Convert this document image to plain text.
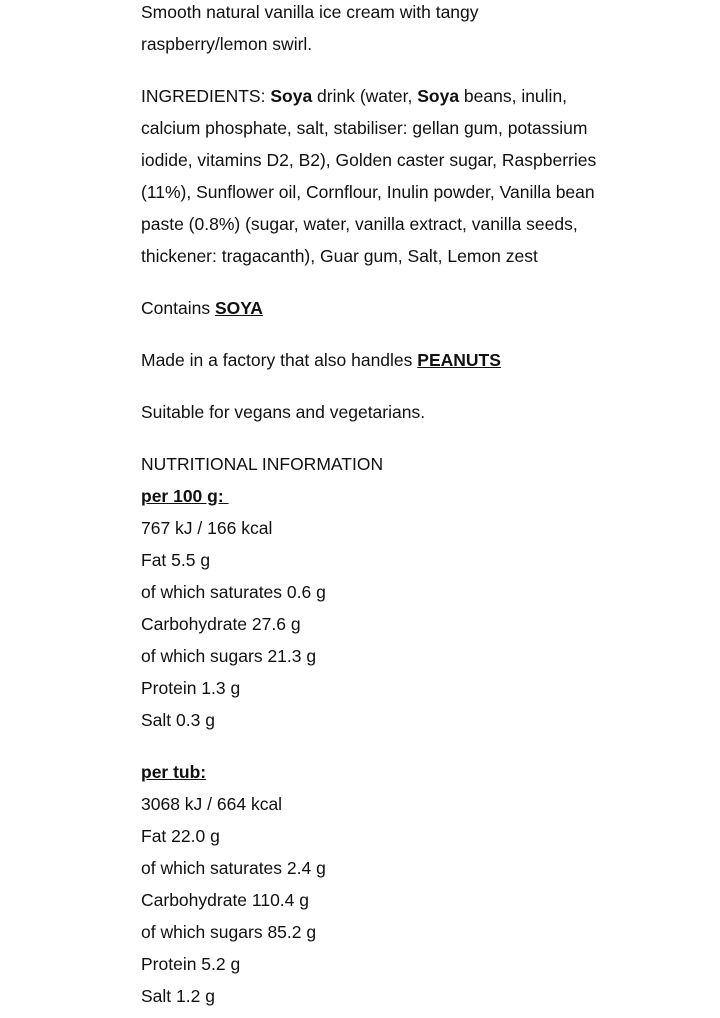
Smooth natural vanilla ice cream with tangy
raspberry/lemon swirl.
INGREDIENTS: Soya drink (water, Soya beans, inulin,
calcium phosphate, salt, stabiliser: gellan gum, potassium
iodide, vitamins D2, B2), Golden caster sugar, Raspberries
(11%), Sunflower oil, Cornflour, Inulin powder, Vanilla bean
paste (0.8%) (sugar, water, vanilla extract, vanilla seeds,
thickener: tragacanth), Guar gum, Salt, Lemon zest
Contains SOYA
Made in a factory that also handles PEANUTS
Suitable for vegans and vegetarians.
NUTRITIONAL INFORMATION
per 100 g:
767 kJ / 166 kcal
Fat 5.5 g
of which saturates 0.6 g
Carbohydrate 27.6 g
of which sugars 21.3 g
Protein 1.3 g
Salt 0.3 g
per tub:
3068 kJ / 664 kcal
Fat 22.0 g
of which saturates 2.4 g
Carbohydrate 110.4 g
of which sugars 85.2 g
Protein 5.2 g
Salt 1.2 g
